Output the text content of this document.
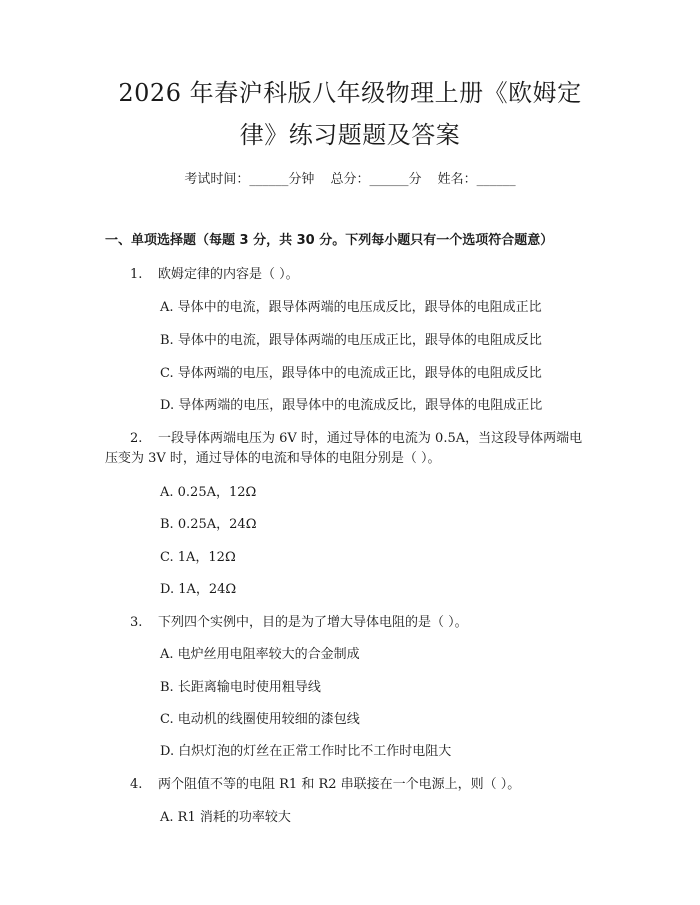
2026 年春沪科版八年级物理上册《欧姆定
律》练习题题及答案
考试时间：______分钟 总分：______分 姓名：______
一、单项选择题（每题 3 分，共 30 分。下列每小题只有一个选项符合题意）
1. 欧姆定律的内容是（ ）。
A. 导体中的电流，跟导体两端的电压成反比，跟导体的电阻成正比
B. 导体中的电流，跟导体两端的电压成正比，跟导体的电阻成反比
C. 导体两端的电压，跟导体中的电流成正比，跟导体的电阻成反比
D. 导体两端的电压，跟导体中的电流成反比，跟导体的电阻成正比
2. 一段导体两端电压为 6V 时，通过导体的电流为 0.5A，当这段导体两端电
压变为 3V 时，通过导体的电流和导体的电阻分别是（ ）。
A. 0.25A，12Ω
B. 0.25A，24Ω
C. 1A，12Ω
D. 1A，24Ω
3. 下列四个实例中，目的是为了增大导体电阻的是（ ）。
A. 电炉丝用电阻率较大的合金制成
B. 长距离输电时使用粗导线
C. 电动机的线圈使用较细的漆包线
D. 白炽灯泡的灯丝在正常工作时比不工作时电阻大
4. 两个阻值不等的电阻 R1 和 R2 串联接在一个电源上，则（ ）。
A. R1 消耗的功率较大
